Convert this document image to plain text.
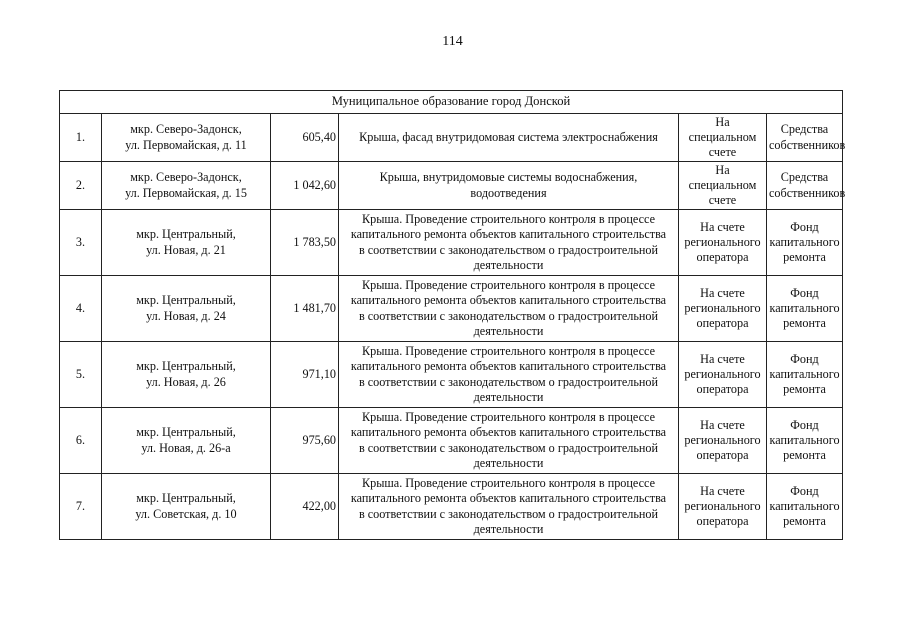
114
Муниципальное образование город Донской					
1.	мкр. Северо-Задонск,
ул. Первомайская, д. 11	605,40	Крыша, фасад внутридомовая система электроснабжения	На
специальном
счете	Средства
собственников

2.	мкр. Северо-Задонск,
ул. Первомайская, д. 15	1 042,60	Крыша, внутридомовые системы водоснабжения,
водоотведения	На
специальном
счете	Средства
собственников

3.	мкр. Центральный,
ул. Новая, д. 21	1 783,50	Крыша. Проведение строительного контроля в процессе
капитального ремонта объектов капитального строительства
в соответствии с законодательством о градостроительной
деятельности	На счете
регионального
оператора	Фонд
капитального
ремонта

4.	мкр. Центральный,
ул. Новая, д. 24	1 481,70	Крыша. Проведение строительного контроля в процессе
капитального ремонта объектов капитального строительства
в соответствии с законодательством о градостроительной
деятельности	На счете
регионального
оператора	Фонд
капитального
ремонта

5.	мкр. Центральный,
ул. Новая, д. 26	971,10	Крыша. Проведение строительного контроля в процессе
капитального ремонта объектов капитального строительства
в соответствии с законодательством о градостроительной
деятельности	На счете
регионального
оператора	Фонд
капитального
ремонта

6.	мкр. Центральный,
ул. Новая, д. 26-а	975,60	Крыша. Проведение строительного контроля в процессе
капитального ремонта объектов капитального строительства
в соответствии с законодательством о градостроительной
деятельности	На счете
регионального
оператора	Фонд
капитального
ремонта

7.	мкр. Центральный,
ул. Советская, д. 10	422,00	Крыша. Проведение строительного контроля в процессе
капитального ремонта объектов капитального строительства
в соответствии с законодательством о градостроительной
деятельности	На счете
регионального
оператора	Фонд
капитального
ремонта
